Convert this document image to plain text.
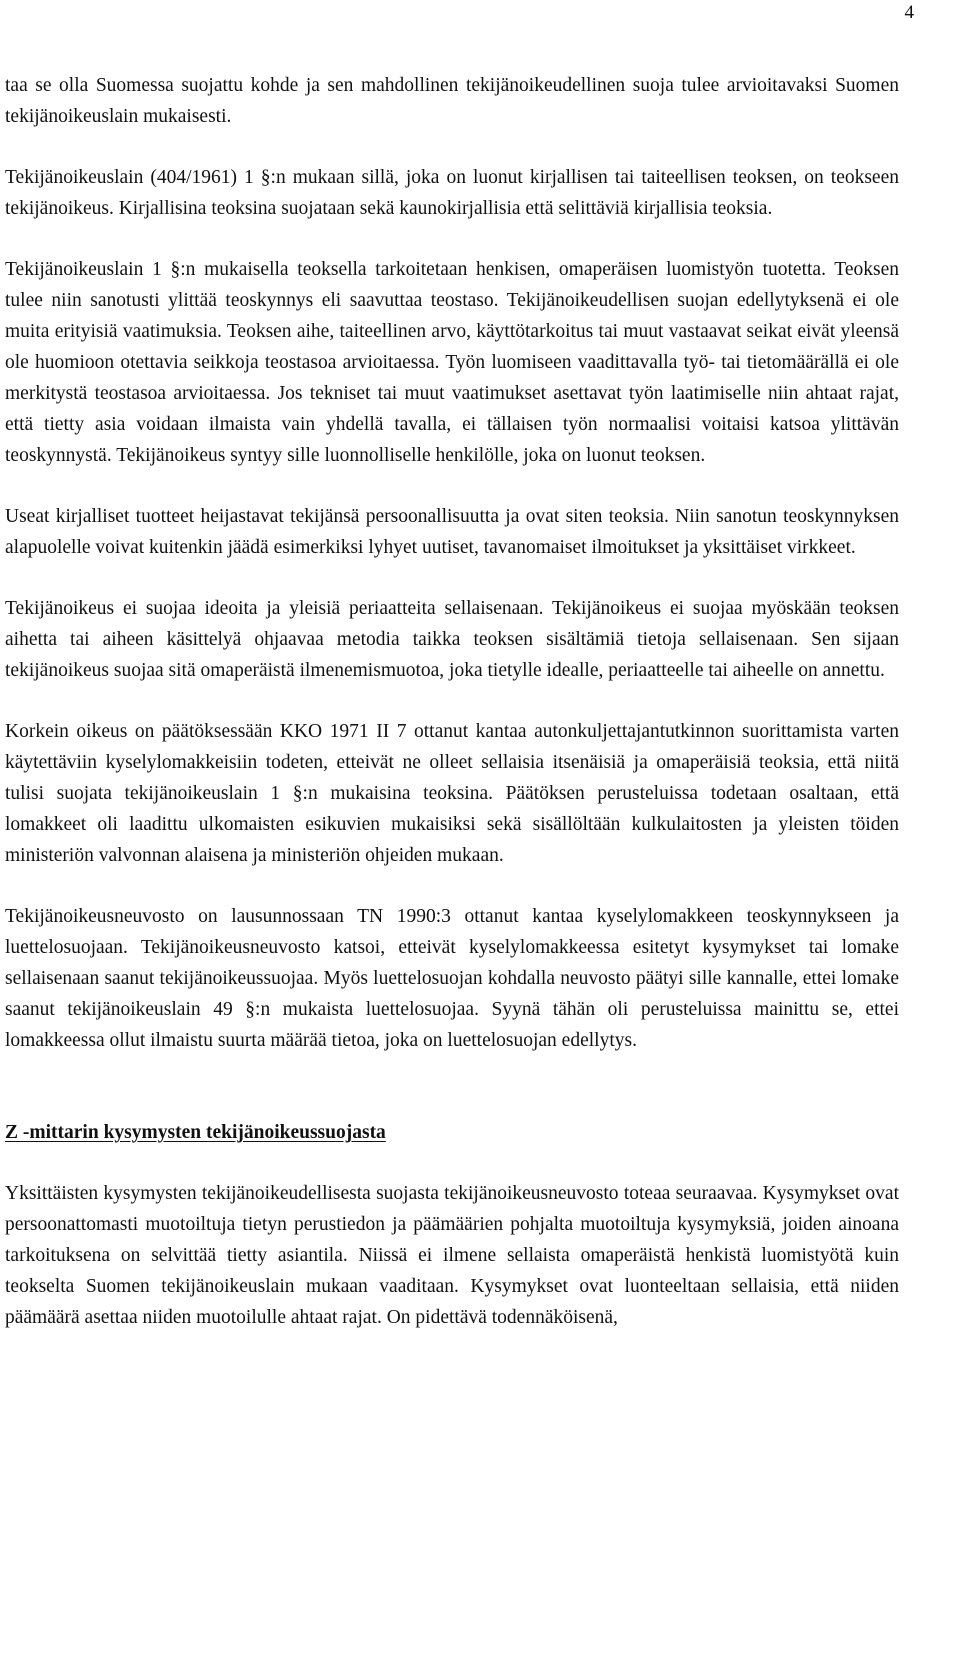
4

taa se olla Suomessa suojattu kohde ja sen mahdollinen tekijänoikeudellinen suoja tulee arvioitavaksi Suomen tekijänoikeuslain mukaisesti.

Tekijänoikeuslain (404/1961) 1 §:n mukaan sillä, joka on luonut kirjallisen tai taiteellisen teoksen, on teokseen tekijänoikeus. Kirjallisina teoksina suojataan sekä kaunokirjallisia että selittäviä kirjallisia teoksia.

Tekijänoikeuslain 1 §:n mukaisella teoksella tarkoitetaan henkisen, omaperäisen luomistyön tuotetta. Teoksen tulee niin sanotusti ylittää teoskynnys eli saavuttaa teostaso. Tekijänoikeudellisen suojan edellytyksenä ei ole muita erityisiä vaatimuksia. Teoksen aihe, taiteellinen arvo, käyttötarkoitus tai muut vastaavat seikat eivät yleensä ole huomioon otettavia seikkoja teostasoa arvioitaessa. Työn luomiseen vaadittavalla työ- tai tietomäärällä ei ole merkitystä teostasoa arvioitaessa. Jos tekniset tai muut vaatimukset asettavat työn laatimiselle niin ahtaat rajat, että tietty asia voidaan ilmaista vain yhdellä tavalla, ei tällaisen työn normaalisi voitaisi katsoa ylittävän teoskynnystä. Tekijänoikeus syntyy sille luonnolliselle henkilölle, joka on luonut teoksen.

Useat kirjalliset tuotteet heijastavat tekijänsä persoonallisuutta ja ovat siten teoksia. Niin sanotun teoskynnyksen alapuolelle voivat kuitenkin jäädä esimerkiksi lyhyet uutiset, tavanomaiset ilmoitukset ja yksittäiset virkkeet.

Tekijänoikeus ei suojaa ideoita ja yleisiä periaatteita sellaisenaan. Tekijänoikeus ei suojaa myöskään teoksen aihetta tai aiheen käsittelyä ohjaavaa metodia taikka teoksen sisältämiä tietoja sellaisenaan. Sen sijaan tekijänoikeus suojaa sitä omaperäistä ilmenemismuotoa, joka tietylle idealle, periaatteelle tai aiheelle on annettu.

Korkein oikeus on päätöksessään KKO 1971 II 7 ottanut kantaa autonkuljettajantutkinnon suorittamista varten käytettäviin kyselylomakkeisiin todeten, etteivät ne olleet sellaisia itsenäisiä ja omaperäisiä teoksia, että niitä tulisi suojata tekijänoikeuslain 1 §:n mukaisina teoksina. Päätöksen perusteluissa todetaan osaltaan, että lomakkeet oli laadittu ulkomaisten esikuvien mukaisiksi sekä sisällöltään kulkulaitosten ja yleisten töiden ministeriön valvonnan alaisena ja ministeriön ohjeiden mukaan.

Tekijänoikeusneuvosto on lausunnossaan TN 1990:3 ottanut kantaa kyselylomakkeen teoskynnykseen ja luettelosuojaan. Tekijänoikeusneuvosto katsoi, etteivät kyselylomakkeessa esitetyt kysymykset tai lomake sellaisenaan saanut tekijänoikeussuojaa. Myös luettelosuojan kohdalla neuvosto päätyi sille kannalle, ettei lomake saanut tekijänoikeuslain 49 §:n mukaista luettelosuojaa. Syynä tähän oli perusteluissa mainittu se, ettei lomakkeessa ollut ilmaistu suurta määrää tietoa, joka on luettelosuojan edellytys.

Z -mittarin kysymysten tekijänoikeussuojasta

Yksittäisten kysymysten tekijänoikeudellisesta suojasta tekijänoikeusneuvosto toteaa seuraavaa. Kysymykset ovat persoonattomasti muotoiltuja tietyn perustiedon ja päämäärien pohjalta muotoiltuja kysymyksiä, joiden ainoana tarkoituksena on selvittää tietty asiantila. Niissä ei ilmene sellaista omaperäistä henkistä luomistyötä kuin teokselta Suomen tekijänoikeuslain mukaan vaaditaan. Kysymykset ovat luonteeltaan sellaisia, että niiden päämäärä asettaa niiden muotoilulle ahtaat rajat. On pidettävä todennäköisenä,
